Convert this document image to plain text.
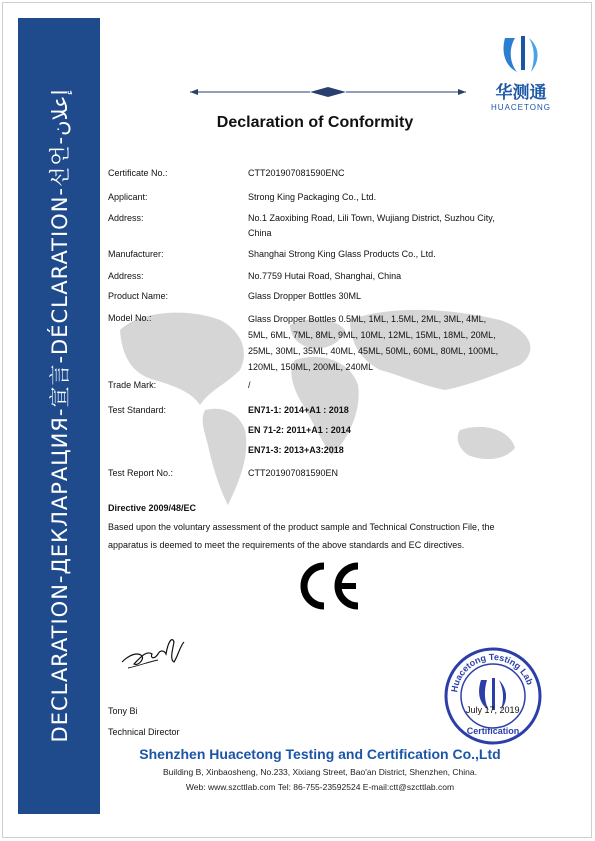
DECLARATION-ДЕКЛАРАЦИЯ-宣言-DÉCLARATION-선언-إعلان	华测通
HUACETONG
Declaration of Conformity
Certificate No.:	CTT201907081590ENC
Applicant:	Strong King Packaging Co., Ltd.
Address:	No.1 Zaoxibing Road, Lili Town, Wujiang District, Suzhou City,
China
Manufacturer:	Shanghai Strong King Glass Products Co., Ltd.
Address:	No.7759 Hutai Road, Shanghai, China
Product Name:	Glass Dropper Bottles 30ML
Model No.:	Glass Dropper Bottles 0.5ML, 1ML, 1.5ML, 2ML, 3ML, 4ML,
5ML, 6ML, 7ML, 8ML, 9ML, 10ML, 12ML, 15ML, 18ML, 20ML,
25ML, 30ML, 35ML, 40ML, 45ML, 50ML, 60ML, 80ML, 100ML,
120ML, 150ML, 200ML, 240ML
Trade Mark:	/
Test Standard:	EN71-1: 2014+A1 : 2018
EN 71-2: 2011+A1 : 2014
EN71-3: 2013+A3:2018
Test Report No.:	CTT201907081590EN
Directive 2009/48/EC
Based upon the voluntary assessment of the product sample and Technical Construction File, the
apparatus is deemed to meet the requirements of the above standards and EC directives.
Tony Bi
Technical Director
Huacetong Testing Lab
Certification
July 17, 2019
Shenzhen Huacetong Testing and Certification Co.,Ltd
Building B, Xinbaosheng, No.233, Xixiang Street, Bao'an District, Shenzhen, China.
Web: www.szcttlab.com Tel: 86-755-23592524 E-mail:ctt@szcttlab.com
